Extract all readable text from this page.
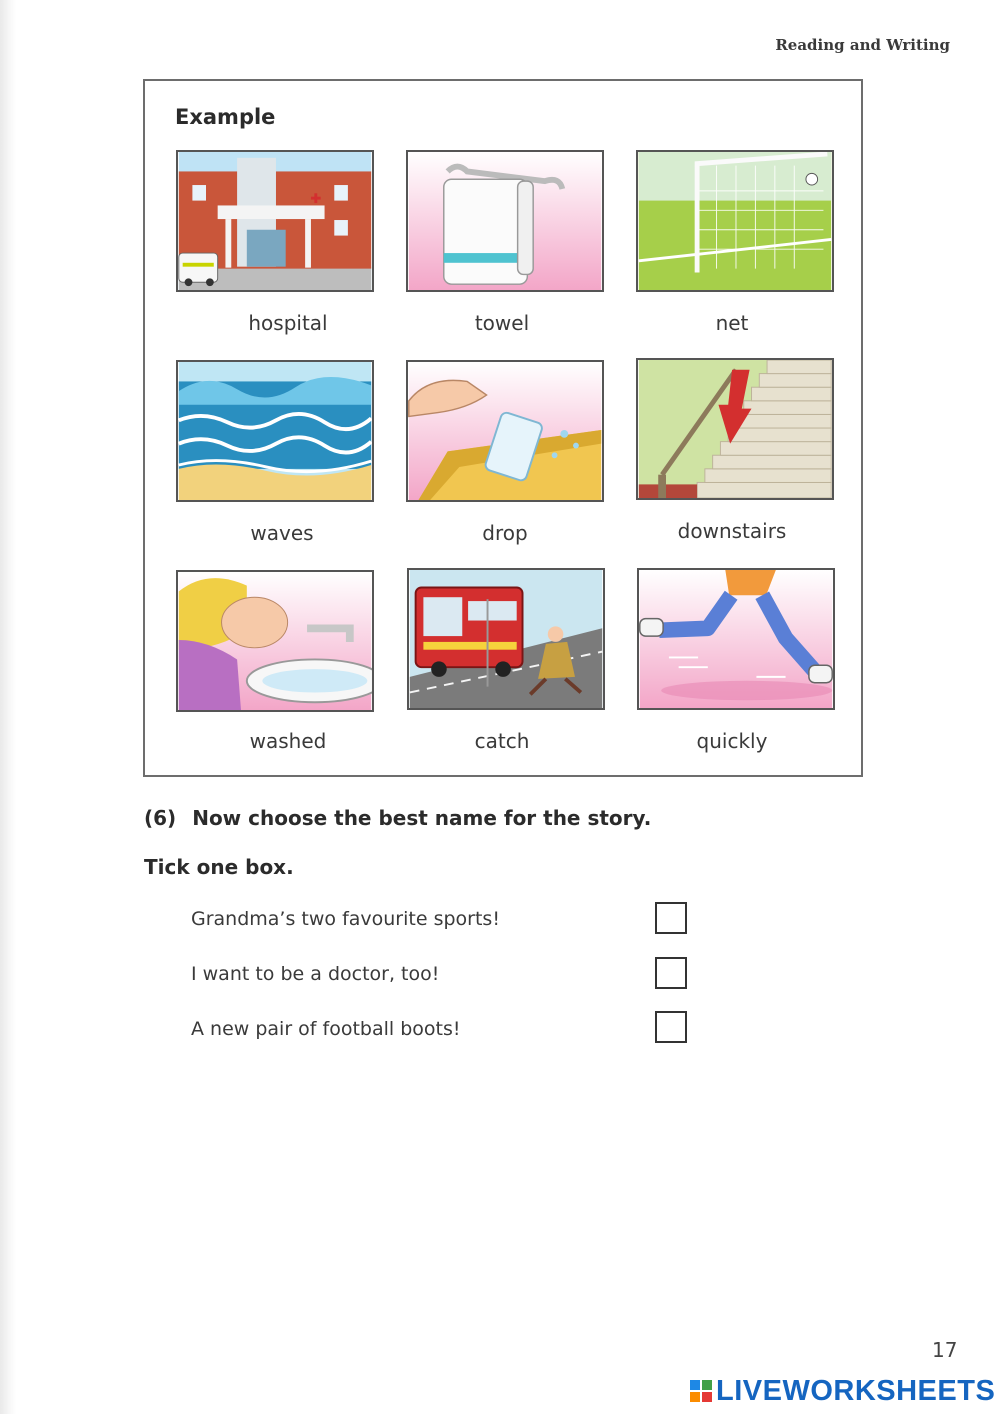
Reading and Writing
Example
hospital	towel	net
waves	drop	downstairs
washed	catch	quickly
(6) Now choose the best name for the story.
Tick one box.
Grandma’s two favourite sports!
I want to be a doctor, too!
A new pair of football boots!
17
LIVEWORKSHEETS
